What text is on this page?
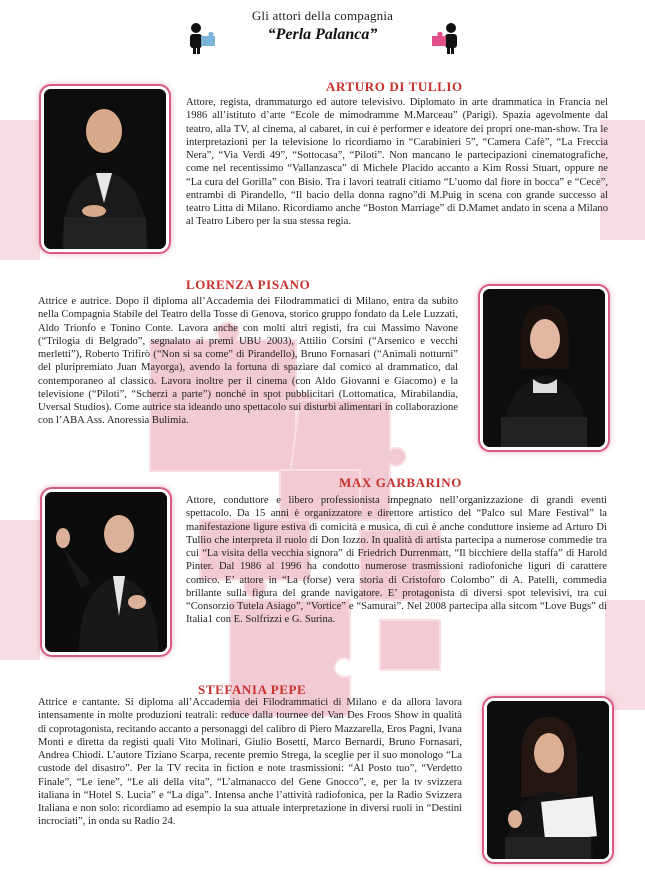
Gli attori della compagnia
“Perla Palanca”
ARTURO DI TULLIO

Attore, regista, drammaturgo ed autore televisivo. Diplomato in arte drammatica in Francia nel 1986 all’istituto d’arte “Ecole de mimodramme M.Marceau” (Parigi). Spazia agevolmente dal teatro, alla TV, al cinema, al cabaret, in cui è performer e ideatore dei propri one-man-show. Tra le interpretazioni per la televisione lo ricordiamo in “Carabinieri 5”, “Camera Cafè”, “La Freccia Nera”, “Via Verdi 49”, “Sottocasa”, “Piloti”. Non mancano le partecipazioni cinematografiche, come nel recentissimo “Vallanzasca” di Michele Placido accanto a Kim Rossi Stuart, oppure ne “La cura del Gorilla” con Bisio. Tra i lavori teatrali citiamo “L’uomo dal fiore in bocca” e “Cecè”, entrambi di Pirandello, “Il bacio della donna ragno”di M.Puig in scena con grande successo al teatro Litta di Milano. Ricordiamo anche “Boston Marriage” di D.Mamet andato in scena a Milano al Teatro Libero per la sua stessa regia.

LORENZA PISANO

Attrice e autrice. Dopo il diploma all’Accademia dei Filodrammatici di Milano, entra da subito nella Compagnia Stabile del Teatro della Tosse di Genova, storico gruppo fondato da Lele Luzzati, Aldo Trionfo e Tonino Conte. Lavora anche con molti altri registi, fra cui Massimo Navone (“Trilogia di Belgrado”, segnalato ai premi UBU 2003), Attilio Corsini (“Arsenico e vecchi merletti”), Roberto Trifirò (“Non si sa come” di Pirandello), Bruno Fornasari (“Animali notturni” del pluripremiato Juan Mayorga), avendo la fortuna di spaziare dal comico al drammatico, dal contemporaneo al classico. Lavora inoltre per il cinema (con Aldo Giovanni e Giacomo) e la televisione (“Piloti”, “Scherzi a parte”) nonché in spot pubblicitari (Lottomatica, Mirabilandia, Uversal Studios). Come autrice sta ideando uno spettacolo sui disturbi alimentari in collaborazione con l’ABA Ass. Anoressia Bulimia.

MAX GARBARINO

Attore, conduttore e libero professionista impegnato nell’organizzazione di grandi eventi spettacolo. Da 15 anni è organizzatore e direttore artistico del “Palco sul Mare Festival” la manifestazione ligure estiva di comicità e musica, di cui è anche conduttore insieme ad Arturo Di Tullio che interpreta il ruolo di Don Iozzo. In qualità di artista partecipa a numerose commedie tra cui “La visita della vecchia signora” di Friedrich Durrenmatt, “Il bicchiere della staffa” di Harold Pinter. Dal 1986 al 1996 ha condotto numerose trasmissioni radiofoniche liguri di carattere comico. E’ attore in “La (forse) vera storia di Cristoforo Colombo” di A. Patelli, commedia brillante sulla figura del grande navigatore. E’ protagonista di diversi spot televisivi, tra cui “Consorzio Tutela Asiago”, “Vortice” e “Samurai”. Nel 2008 partecipa alla sitcom “Love Bugs” di Italia1 con E. Solfrizzi e G. Surina.

STEFANIA PEPE

Attrice e cantante. Si diploma all’Accademia dei Filodrammatici di Milano e da allora lavora intensamente in molte produzioni teatrali: reduce dalla tournee del Van Des Froos Show in qualità di coprotagonista, recitando accanto a personaggi del calibro di Piero Mazzarella, Eros Pagni, Ivana Monti e diretta da registi quali Vito Molinari, Giulio Bosetti, Marco Bernardi, Bruno Fornasari, Andrea Chiodi. L’autore Tiziano Scarpa, recente premio Strega, la sceglie per il suo monologo “La custode del disastro”. Per la TV recita in fiction e note trasmissioni: “Al Posto tuo”, “Verdetto Finale”, “Le iene”, “Le ali della vita”, “L’almanacco del Gene Gnocco”, e, per la tv svizzera italiana in “Hotel S. Lucia” e “La diga”. Intensa anche l’attività radiofonica, per la Radio Svizzera Italiana e non solo: ricordiamo ad esempio la sua attuale interpretazione in diversi ruoli in “Destini incrociati”, in onda su Radio 24.
